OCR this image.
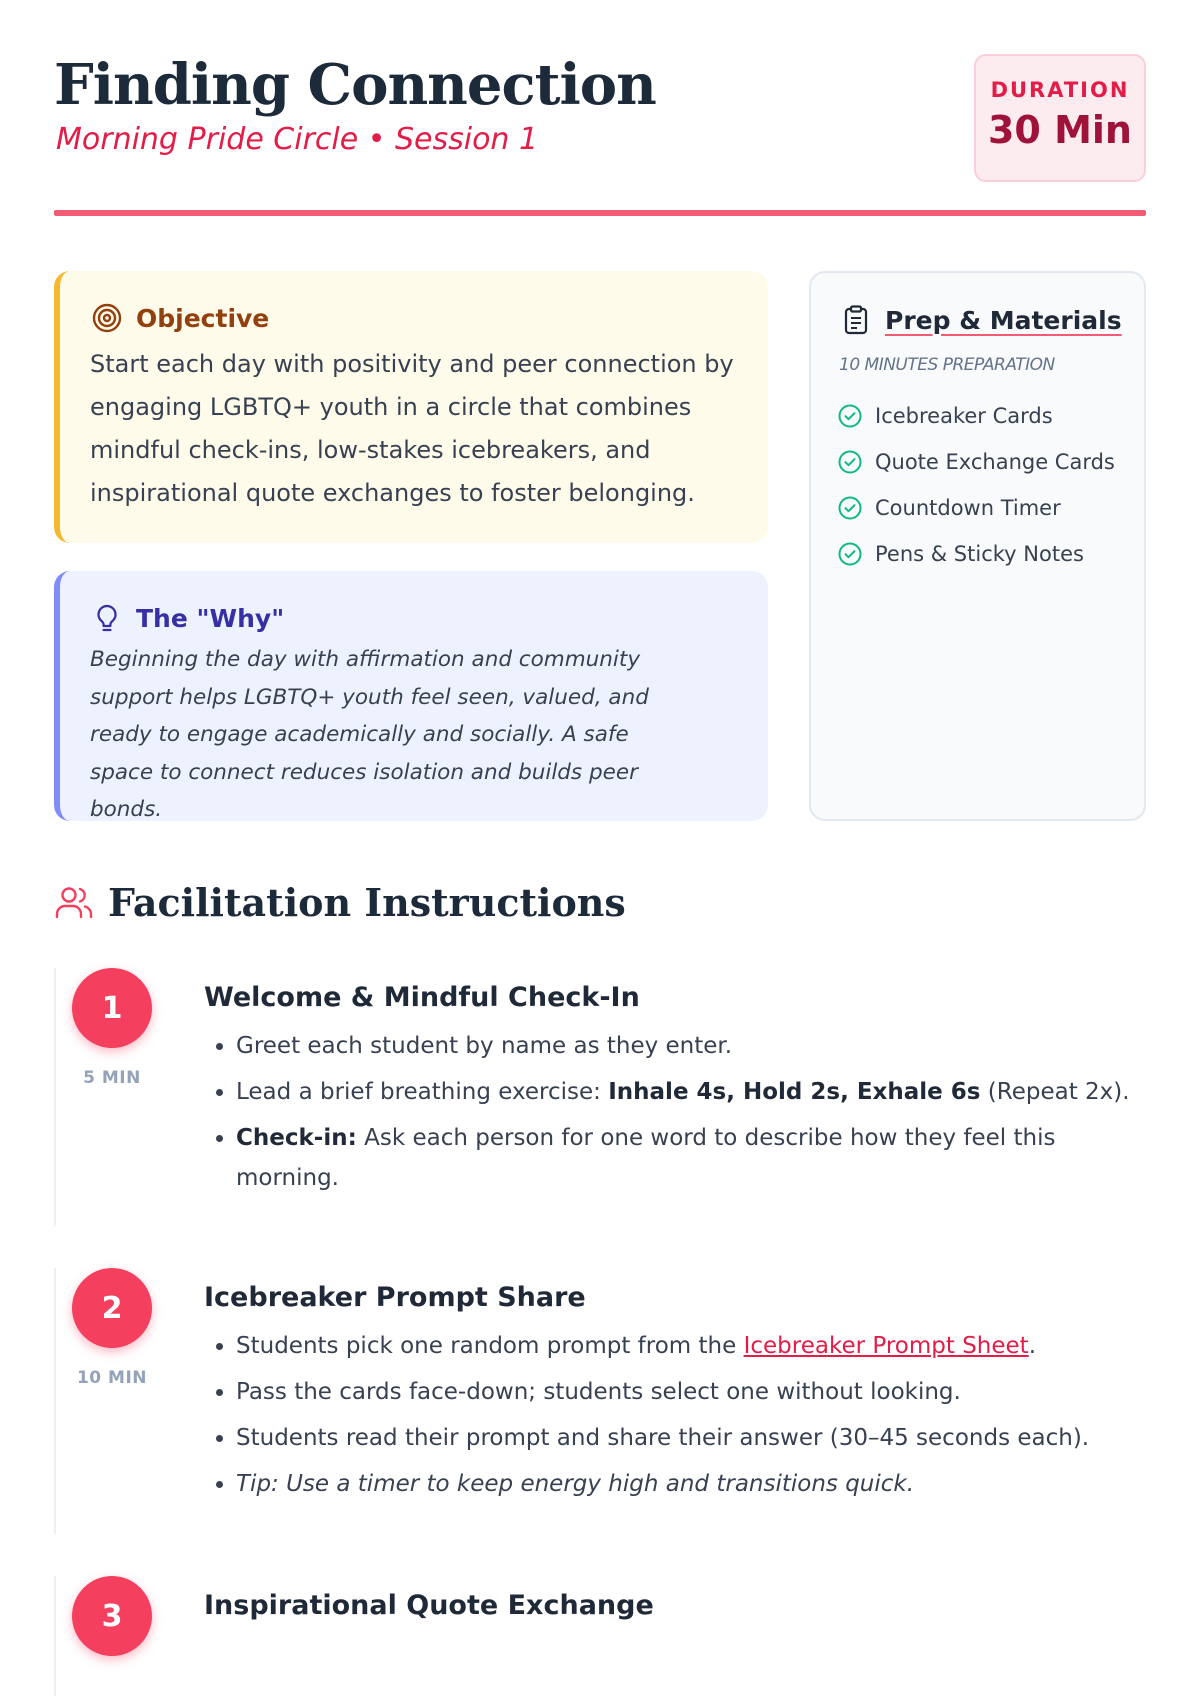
Finding Connection
Morning Pride Circle • Session 1
DURATION
30 Min
Objective
Start each day with positivity and peer connection by engaging LGBTQ+ youth in a circle that combines mindful check-ins, low-stakes icebreakers, and inspirational quote exchanges to foster belonging.
The "Why"
Beginning the day with affirmation and community support helps LGBTQ+ youth feel seen, valued, and ready to engage academically and socially. A safe space to connect reduces isolation and builds peer bonds.
Prep & Materials
10 MINUTES PREPARATION
Icebreaker Cards
Quote Exchange Cards
Countdown Timer
Pens & Sticky Notes
Facilitation Instructions
1
5 MIN
Welcome & Mindful Check-In
• Greet each student by name as they enter.
• Lead a brief breathing exercise: Inhale 4s, Hold 2s, Exhale 6s (Repeat 2x).
• Check-in: Ask each person for one word to describe how they feel this morning.
2
10 MIN
Icebreaker Prompt Share
• Students pick one random prompt from the Icebreaker Prompt Sheet.
• Pass the cards face-down; students select one without looking.
• Students read their prompt and share their answer (30–45 seconds each).
• Tip: Use a timer to keep energy high and transitions quick.
3	Inspirational Quote Exchange
